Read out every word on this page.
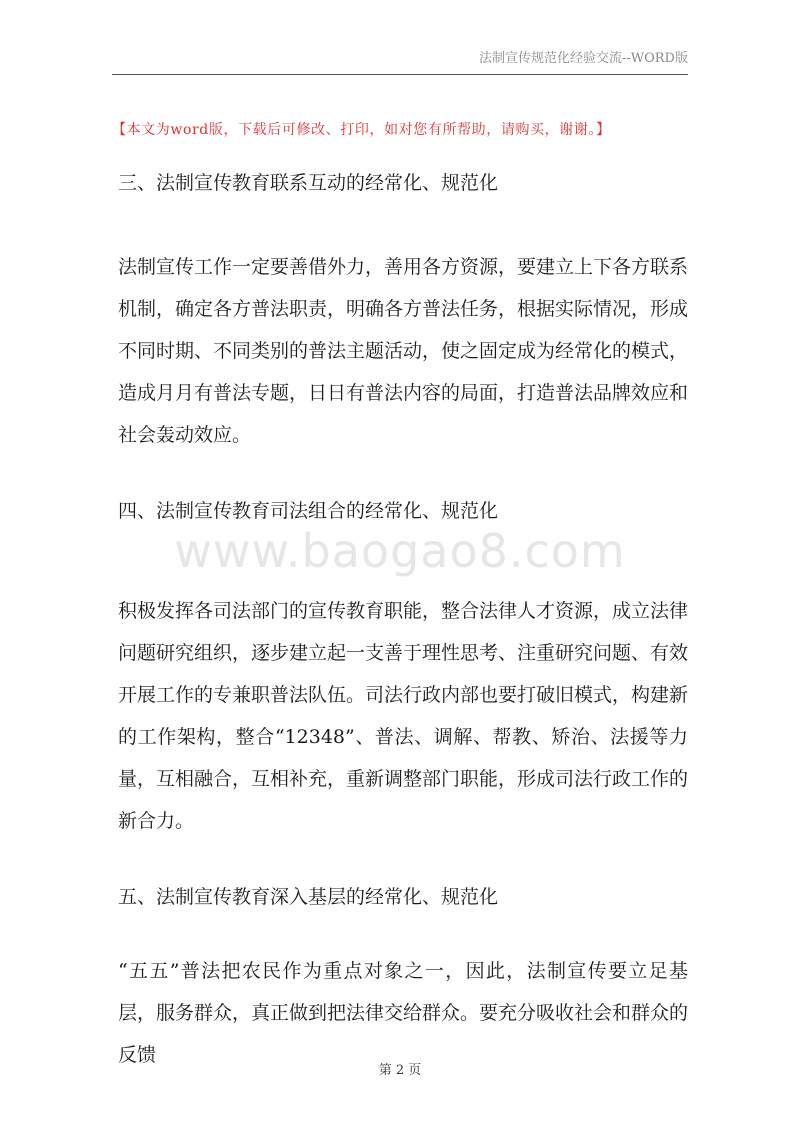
法制宣传规范化经验交流--WORD版
【本文为word版，下载后可修改、打印，如对您有所帮助，请购买，谢谢。】
www.baogao8.com

三、法制宣传教育联系互动的经常化、规范化

法制宣传工作一定要善借外力，善用各方资源，要建立上下各方联系机制，确定各方普法职责，明确各方普法任务，根据实际情况，形成不同时期、不同类别的普法主题活动，使之固定成为经常化的模式，造成月月有普法专题，日日有普法内容的局面，打造普法品牌效应和社会轰动效应。

四、法制宣传教育司法组合的经常化、规范化

积极发挥各司法部门的宣传教育职能，整合法律人才资源，成立法律问题研究组织，逐步建立起一支善于理性思考、注重研究问题、有效开展工作的专兼职普法队伍。司法行政内部也要打破旧模式，构建新的工作架构，整合“12348”、普法、调解、帮教、矫治、法援等力量，互相融合，互相补充，重新调整部门职能，形成司法行政工作的新合力。

五、法制宣传教育深入基层的经常化、规范化

“五五”普法把农民作为重点对象之一，因此，法制宣传要立足基层，服务群众，真正做到把法律交给群众。要充分吸收社会和群众的反馈

第 2 页
